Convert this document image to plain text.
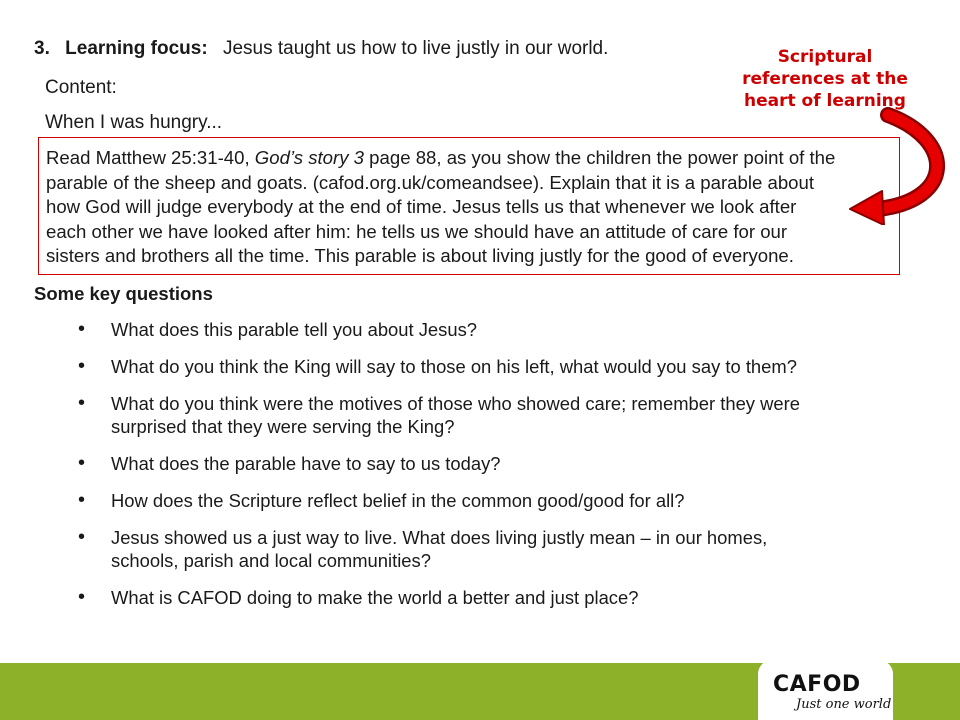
3. Learning focus: Jesus taught us how to live justly in our world.
Content:
When I was hungry...
Read Matthew 25:31-40, God’s story 3 page 88, as you show the children the power point of the
parable of the sheep and goats. (cafod.org.uk/comeandsee). Explain that it is a parable about
how God will judge everybody at the end of time. Jesus tells us that whenever we look after
each other we have looked after him: he tells us we should have an attitude of care for our
sisters and brothers all the time. This parable is about living justly for the good of everyone.
Some key questions
• What does this parable tell you about Jesus?
• What do you think the King will say to those on his left, what would you say to them?
• What do you think were the motives of those who showed care; remember they were
surprised that they were serving the King?
• What does the parable have to say to us today?
• How does the Scripture reflect belief in the common good/good for all?
• Jesus showed us a just way to live. What does living justly mean – in our homes,
schools, parish and local communities?
• What is CAFOD doing to make the world a better and just place?
Scriptural
references at the
heart of learning
CAFOD
Just one world
